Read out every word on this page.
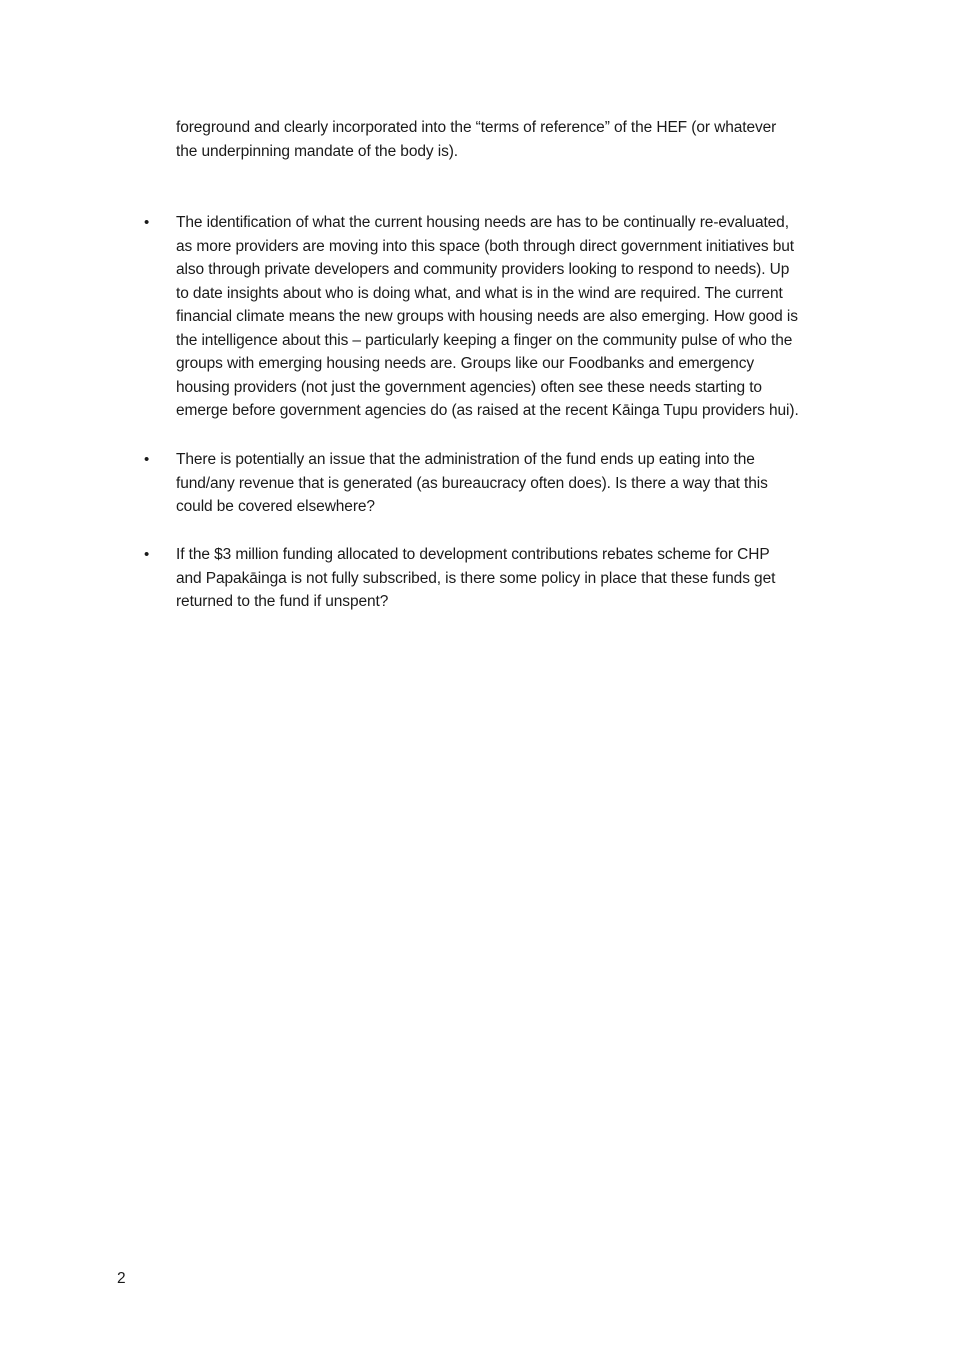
foreground and clearly incorporated into the “terms of reference” of the HEF (or whatever
the underpinning mandate of the body is).

• The identification of what the current housing needs are has to be continually re-evaluated,
as more providers are moving into this space (both through direct government initiatives but
also through private developers and community providers looking to respond to needs). Up
to date insights about who is doing what, and what is in the wind are required. The current
financial climate means the new groups with housing needs are also emerging. How good is
the intelligence about this – particularly keeping a finger on the community pulse of who the
groups with emerging housing needs are. Groups like our Foodbanks and emergency
housing providers (not just the government agencies) often see these needs starting to
emerge before government agencies do (as raised at the recent Kāinga Tupu providers hui).

• There is potentially an issue that the administration of the fund ends up eating into the
fund/any revenue that is generated (as bureaucracy often does). Is there a way that this
could be covered elsewhere?

• If the $3 million funding allocated to development contributions rebates scheme for CHP
and Papakāinga is not fully subscribed, is there some policy in place that these funds get
returned to the fund if unspent?

2
